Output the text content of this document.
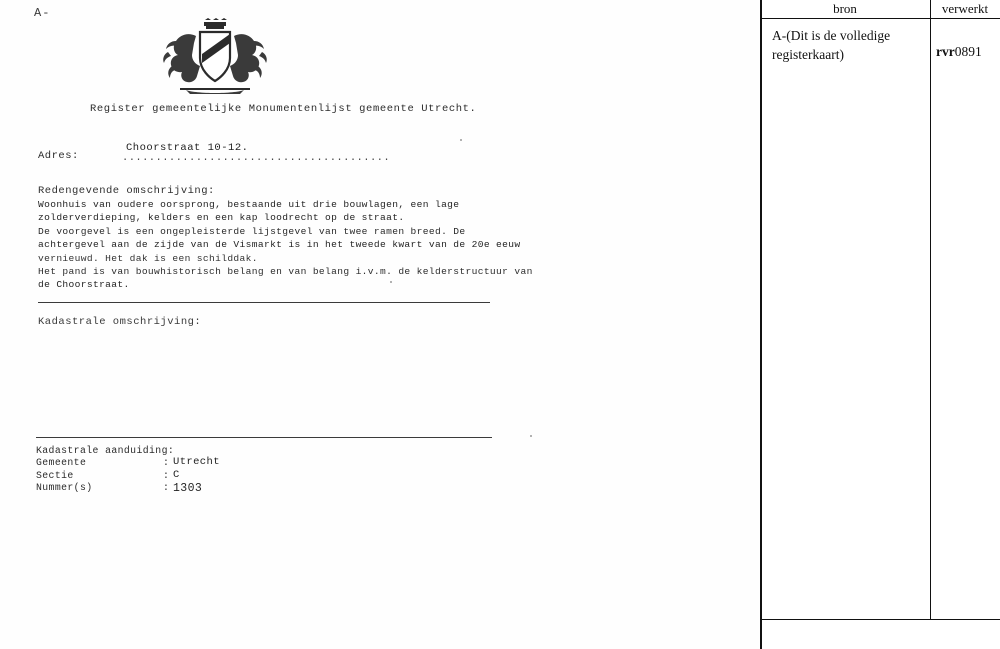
A-
Register gemeentelijke Monumentenlijst gemeente Utrecht.
Adres:	........................................
Choorstraat 10-12.
Redengevende omschrijving:
Woonhuis van oudere oorsprong, bestaande uit drie bouwlagen, een lage
zolderverdieping, kelders en een kap loodrecht op de straat.
De voorgevel is een ongepleisterde lijstgevel van twee ramen breed. De
achtergevel aan de zijde van de Vismarkt is in het tweede kwart van de 20e eeuw
vernieuwd. Het dak is een schilddak.
Het pand is van bouwhistorisch belang en van belang i.v.m. de kelderstructuur van
de Choorstraat.
Kadastrale omschrijving:
Kadastrale aanduiding:
Gemeente	: Utrecht
Sectie	: C
Nummer(s)	: 1303
bron	verwerkt
A-(Dit is de volledige registerkaart)	rvr0891
